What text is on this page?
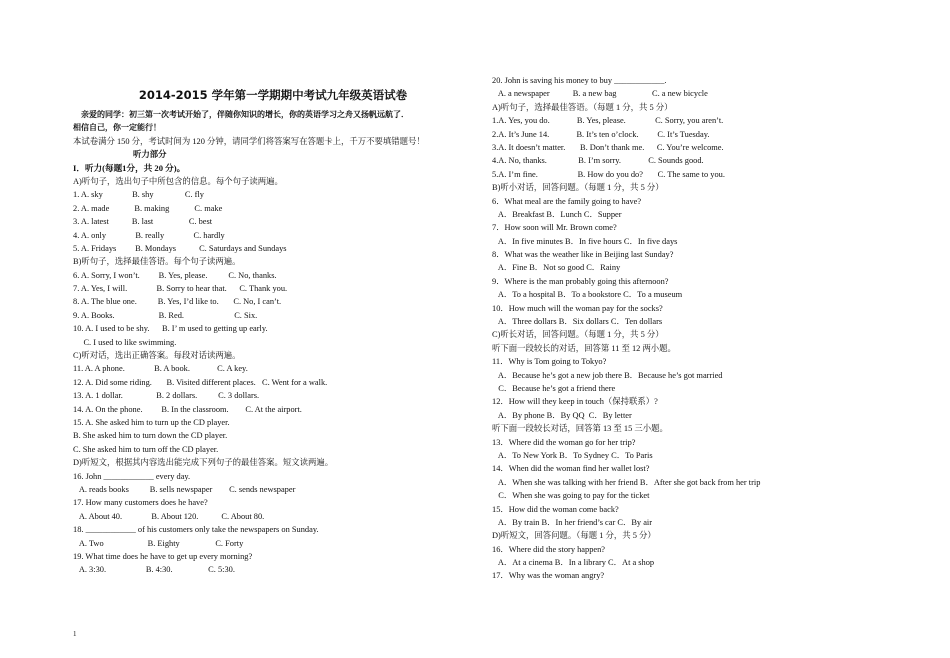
2014-2015 学年第一学期期中考试九年级英语试卷
亲爱的同学：初三第一次考试开始了，伴随你知识的增长，你的英语学习之舟又扬帆远航了．
相信自己，你一定能行！
本试卷满分 150 分，考试时间为 120 分钟，请同学们将答案写在答题卡上，千万不要填错题号！
听力部分
I．听力(每题1分，共 20 分)。
A)听句子，选出句子中所包含的信息。每个句子读两遍。
1. A. sky              B. shy               C. fly
2. A. made            B. making            C. make
3. A. latest           B. last                 C. best
4. A. only              B. really              C. hardly
5. A. Fridays         B. Mondays           C. Saturdays and Sundays
B)听句子，选择最佳答语。每个句子读两遍。
6. A. Sorry, I won’t.         B. Yes, please.          C. No, thanks.
7. A. Yes, I will.              B. Sorry to hear that.      C. Thank you.
8. A. The blue one.          B. Yes, I’d like to.       C. No, I can’t.
9. A. Books.                     B. Red.                        C. Six.
10. A. I used to be shy.      B. I’ m used to getting up early.
C. I used to like swimming.
C)听对话，选出正确答案。每段对话读两遍。
11. A. A phone.              B. A book.             C. A key.
12. A. Did some riding.       B. Visited different places.   C. Went for a walk.
13. A. 1 dollar.                B. 2 dollars.          C. 3 dollars.
14. A. On the phone.         B. In the classroom.        C. At the airport.
15. A. She asked him to turn up the CD player.
B. She asked him to turn down the CD player.
C. She asked him to turn off the CD player.
D)听短文，根据其内容选出能完成下列句子的最佳答案。短文读两遍。
16. John ____________ every day.
A. reads books          B. sells newspaper        C. sends newspaper
17. How many customers does he have?
A. About 40.              B. About 120.           C. About 80.
18. ____________ of his customers only take the newspapers on Sunday.
A. Two                     B. Eighty                 C. Forty
19. What time does he have to get up every morning?
A. 3:30.                   B. 4:30.                 C. 5:30.
20. John is saving his money to buy ____________.
A. a newspaper           B. a new bag                 C. a new bicycle
A)听句子，选择最佳答语。（每题 1 分，共 5 分）
1.A. Yes, you do.             B. Yes, please.              C. Sorry, you aren’t.
2.A. It’s June 14.             B. It’s ten o’clock.         C. It’s Tuesday.
3.A. It doesn’t matter.       B. Don’t thank me.      C. You’re welcome.
4.A. No, thanks.               B. I’m sorry.             C. Sounds good.
5.A. I’m fine.                   B. How do you do?       C. The same to you.
B)听小对话，回答问题。（每题 1 分，共 5 分）
6．What meal are the family going to have?
A．Breakfast B．Lunch C．Supper
7．How soon will Mr. Brown come?
A．In five minutes B．In five hours C．In five days
8．What was the weather like in Beijing last Sunday?
A．Fine B．Not so good C．Rainy
9．Where is the man probably going this afternoon?
A．To a hospital B．To a bookstore C．To a museum
10．How much will the woman pay for the socks?
A．Three dollars B．Six dollars C．Ten dollars
C)听长对话，回答问题。（每题 1 分，共 5 分）
听下面一段较长的对话，回答第 11 至 12 两小题。
11．Why is Tom going to Tokyo?
A．Because he’s got a new job there B．Because he’s got married
C．Because he’s got a friend there
12．How will they keep in touch（保持联系）?
A．By phone B．By QQ  C．By letter
听下面一段较长对话，回答第 13 至 15 三小题。
13．Where did the woman go for her trip?
A．To New York B．To Sydney C．To Paris
14．When did the woman find her wallet lost?
A．When she was talking with her friend B．After she got back from her trip
C．When she was going to pay for the ticket
15．How did the woman come back?
A．By train B．In her friend’s car C．By air
D)听短文，回答问题。（每题 1 分，共 5 分）
16．Where did the story happen?
A．At a cinema B．In a library C．At a shop
17．Why was the woman angry?
1
